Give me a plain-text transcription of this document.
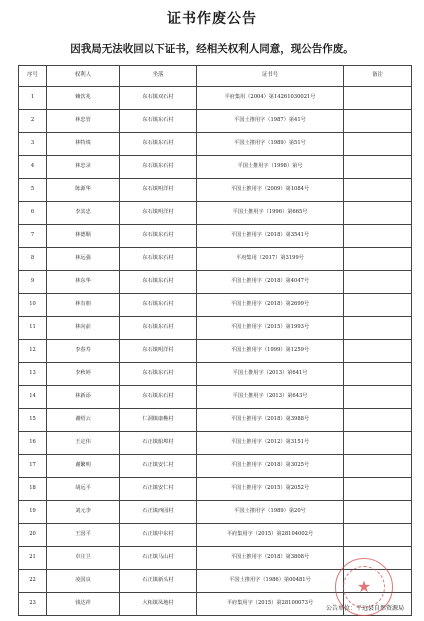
证书作废公告
因我局无法收回以下证书，经相关权利人同意，现公告作废。
序号	权利人	坐落	证书号	备注
1	赖饮兆	东石镇双石村	平府集用（2004）第14261030021号	
2	林忠管	东石镇东石村	平国土推用字（1987）第41号	
3	林特填	东石镇东石村	平国土推用字（1989）第51号	
4	林忠录	东石镇东石村	平国土推用字（1998）第号	
5	陈源华	东石镇明洋村	平国土推用字（2009）第1084号	
6	李其忠	东石镇明洋村	平国土推用字（1996）第665号	
7	林德顺	东石镇东石村	平国土推用字（2018）第3541号	
8	林远强	东石镇东石村	平府集用（2017）第3199号	
9	林东华	东石镇东石村	平国土推用字（2018）第4047号	
10	林有朋	东石镇东石村	平国土推用字（2018）第2699号	
11	林向前	东石镇东石村	平国土推用字（2015）第1993号	
12	李春寿	东石镇明洋村	平国土推用字（1999）第1259号	
13	李秋婷	东石镇东石村	平国土推用字（2013）第641号	
14	林新添	东石镇东石村	平国土推用字（2013）第643号	
15	谢绍云	仁洞镇康樵村	平国土推用字（2018）第3988号	
16	王定伟	石正镇船埠村	平国土推用字（2012）第3151号	
17	谢繁明	石正镇安仁村	平国土推用字（2018）第3025号	
18	胡远平	石正镇安仁村	平国土推用字（2015）第2052号	
19	刘元李	石正镇西园村	平国土推用字（1989）第20号	
20	王国平	石正镇中东村	平府集用字（2015）第28104002号	
21	卓庄卫	石正镇马山村	平国土推用字（2018）第3808号	
22	凌国良	石正镇新头村	平国土推用字（1986）第00481号	
23	钱达祥	大柘镇凤地村	平府集用字（2015）第28100073号	
★
公告单位：平远县自然资源局
